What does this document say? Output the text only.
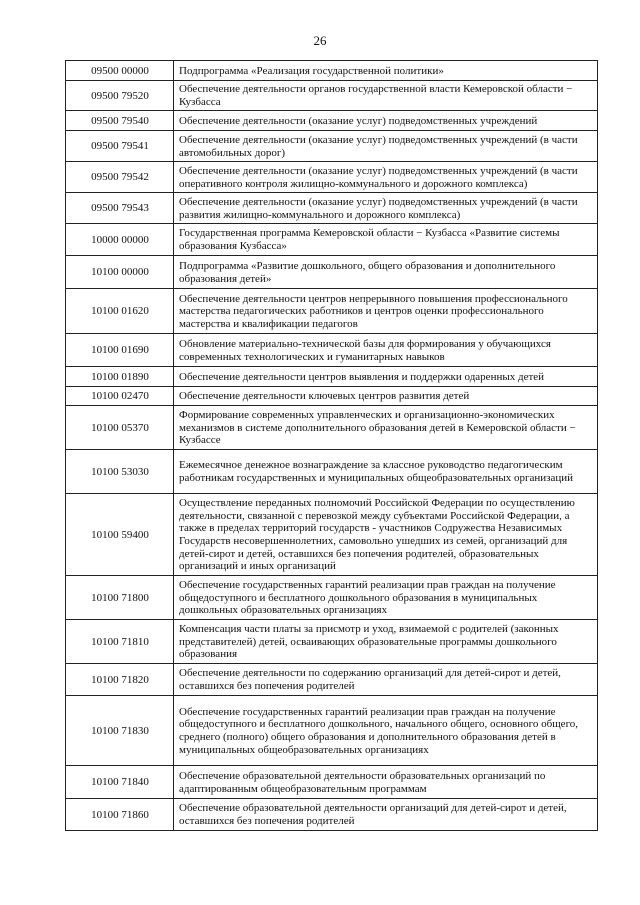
26
09500 00000	Подпрограмма «Реализация государственной политики»
09500 79520	Обеспечение деятельности органов государственной власти Кемеровской области − Кузбасса
09500 79540	Обеспечение деятельности (оказание услуг) подведомственных учреждений
09500 79541	Обеспечение деятельности (оказание услуг) подведомственных учреждений (в части автомобильных дорог)
09500 79542	Обеспечение деятельности (оказание услуг) подведомственных учреждений (в части оперативного контроля жилищно-коммунального и дорожного комплекса)
09500 79543	Обеспечение деятельности (оказание услуг) подведомственных учреждений (в части развития жилищно-коммунального и дорожного комплекса)
10000 00000	Государственная программа Кемеровской области − Кузбасса «Развитие системы образования Кузбасса»
10100 00000	Подпрограмма «Развитие дошкольного, общего образования и дополнительного образования детей»
10100 01620	Обеспечение деятельности центров непрерывного повышения профессионального мастерства педагогических работников и центров оценки профессионального мастерства и квалификации педагогов
10100 01690	Обновление материально-технической базы для формирования у обучающихся современных технологических и гуманитарных навыков
10100 01890	Обеспечение деятельности центров выявления и поддержки одаренных детей
10100 02470	Обеспечение деятельности ключевых центров развития детей
10100 05370	Формирование современных управленческих и организационно-экономических механизмов в системе дополнительного образования детей в Кемеровской области − Кузбассе
10100 53030	Ежемесячное денежное вознаграждение за классное руководство педагогическим работникам государственных и муниципальных общеобразовательных организаций
10100 59400	Осуществление переданных полномочий Российской Федерации по осуществлению деятельности, связанной с перевозкой между субъектами Российской Федерации, а также в пределах территорий государств - участников Содружества Независимых Государств несовершеннолетних, самовольно ушедших из семей, организаций для детей-сирот и детей, оставшихся без попечения родителей, образовательных организаций и иных организаций
10100 71800	Обеспечение государственных гарантий реализации прав граждан на получение общедоступного и бесплатного дошкольного образования в муниципальных дошкольных образовательных организациях
10100 71810	Компенсация части платы за присмотр и уход, взимаемой с родителей (законных представителей) детей, осваивающих образовательные программы дошкольного образования
10100 71820	Обеспечение деятельности по содержанию организаций для детей-сирот и детей, оставшихся без попечения родителей
10100 71830	Обеспечение государственных гарантий реализации прав граждан на получение общедоступного и бесплатного дошкольного, начального общего, основного общего, среднего (полного) общего образования и дополнительного образования детей в муниципальных общеобразовательных организациях
10100 71840	Обеспечение образовательной деятельности образовательных организаций по адаптированным общеобразовательным программам
10100 71860	Обеспечение образовательной деятельности организаций для детей-сирот и детей, оставшихся без попечения родителей
